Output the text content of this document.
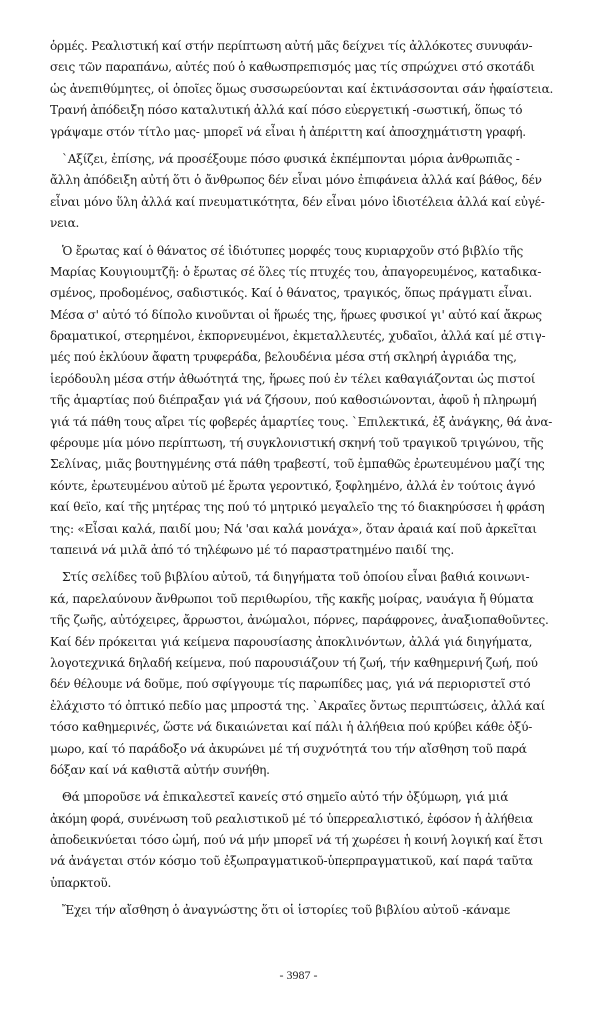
ὁρμές. Ρεαλιστική καί στήν περίπτωση αὐτή μᾶς δείχνει τίς ἀλλόκοτες συνυφάν-
σεις τῶν παραπάνω, αὐτές πού ὁ καθωσπρεπισμός μας τίς σπρώχνει στό σκοτάδι
ὡς ἀνεπιθύμητες, οἱ ὁποῖες ὅμως συσσωρεύονται καί ἐκτινάσσονται σάν ἡφαίστεια.
Τρανή ἀπόδειξη πόσο καταλυτική ἀλλά καί πόσο εὐεργετική -σωστική, ὅπως τό
γράψαμε στόν τίτλο μας- μπορεῖ νά εἶναι ἡ ἀπέριττη καί ἀποσχημάτιστη γραφή.
`Αξίζει, ἐπίσης, νά προσέξουμε πόσο φυσικά ἐκπέμπονται μόρια ἀνθρωπιᾶς -
ἄλλη ἀπόδειξη αὐτή ὅτι ὁ ἄνθρωπος δέν εἶναι μόνο ἐπιφάνεια ἀλλά καί βάθος, δέν
εἶναι μόνο ὕλη ἀλλά καί πνευματικότητα, δέν εἶναι μόνο ἰδιοτέλεια ἀλλά καί εὐγέ-
νεια.
Ὁ ἔρωτας καί ὁ θάνατος σέ ἰδιότυπες μορφές τους κυριαρχοῦν στό βιβλίο τῆς
Μαρίας Κουγιουμτζῆ: ὁ ἔρωτας σέ ὅλες τίς πτυχές του, ἀπαγορευμένος, καταδικα-
σμένος, προδομένος, σαδιστικός. Καί ὁ θάνατος, τραγικός, ὅπως πράγματι εἶναι.
Μέσα σ' αὐτό τό δίπολο κινοῦνται οἱ ἥρωές της, ἥρωες φυσικοί γι' αὐτό καί ἄκρως
δραματικοί, στερημένοι, ἐκπορνευμένοι, ἐκμεταλλευτές, χυδαῖοι, ἀλλά καί μέ στιγ-
μές πού ἐκλύουν ἄφατη τρυφεράδα, βελουδένια μέσα στή σκληρή ἀγριάδα της,
ἱερόδουλη μέσα στήν ἀθωότητά της, ἥρωες πού ἐν τέλει καθαγιάζονται ὡς πιστοί
τῆς ἁμαρτίας πού διέπραξαν γιά νά ζήσουν, πού καθοσιώνονται, ἀφοῦ ἡ πληρωμή
γιά τά πάθη τους αἴρει τίς φοβερές ἁμαρτίες τους. `Επιλεκτικά, ἐξ ἀνάγκης, θά ἀνα-
φέρουμε μία μόνο περίπτωση, τή συγκλονιστική σκηνή τοῦ τραγικοῦ τριγώνου, τῆς
Σελίνας, μιᾶς βουτηγμένης στά πάθη τραβεστί, τοῦ ἐμπαθῶς ἐρωτευμένου μαζί της
κόντε, ἐρωτευμένου αὐτοῦ μέ ἔρωτα γεροντικό, ξοφλημένο, ἀλλά ἐν τούτοις ἁγνό
καί θεϊο, καί τῆς μητέρας της πού τό μητρικό μεγαλεῖο της τό διακηρύσσει ἡ φράση
της: «Εἶσαι καλά, παιδί μου; Νά 'σαι καλά μονάχα», ὅταν ἀραιά καί ποῦ ἀρκεῖται
ταπεινά νά μιλᾶ ἀπό τό τηλέφωνο μέ τό παραστρατημένο παιδί της.
Στίς σελίδες τοῦ βιβλίου αὐτοῦ, τά διηγήματα τοῦ ὁποίου εἶναι βαθιά κοινωνι-
κά, παρελαύνουν ἄνθρωποι τοῦ περιθωρίου, τῆς κακῆς μοίρας, ναυάγια ἤ θύματα
τῆς ζωῆς, αὐτόχειρες, ἄρρωστοι, ἀνώμαλοι, πόρνες, παράφρονες, ἀναξιοπαθοῦντες.
Καί δέν πρόκειται γιά κείμενα παρουσίασης ἀποκλινόντων, ἀλλά γιά διηγήματα,
λογοτεχνικά δηλαδή κείμενα, πού παρουσιάζουν τή ζωή, τήν καθημερινή ζωή, πού
δέν θέλουμε νά δοῦμε, πού σφίγγουμε τίς παρωπίδες μας, γιά νά περιοριστεῖ στό
ἐλάχιστο τό ὀπτικό πεδίο μας μπροστά της. `Ακραῖες ὄντως περιπτώσεις, ἀλλά καί
τόσο καθημερινές, ὥστε νά δικαιώνεται καί πάλι ἡ ἀλήθεια πού κρύβει κάθε ὀξύ-
μωρο, καί τό παράδοξο νά ἀκυρώνει μέ τή συχνότητά του τήν αἴσθηση τοῦ παρά
δόξαν καί νά καθιστᾶ αὐτήν συνήθη.
Θά μποροῦσε νά ἐπικαλεστεῖ κανείς στό σημεῖο αὐτό τήν ὀξύμωρη, γιά μιά
ἀκόμη φορά, συνένωση τοῦ ρεαλιστικοῦ μέ τό ὑπερρεαλιστικό, ἐφόσον ἡ ἀλήθεια
ἀποδεικνύεται τόσο ὠμή, πού νά μήν μπορεῖ νά τή χωρέσει ἡ κοινή λογική καί ἔτσι
νά ἀνάγεται στόν κόσμο τοῦ ἐξωπραγματικοῦ-ὑπερπραγματικοῦ, καί παρά ταῦτα
ὑπαρκτοῦ.
Ἔχει τήν αἴσθηση ὁ ἀναγνώστης ὅτι οἱ ἱστορίες τοῦ βιβλίου αὐτοῦ -κάναμε
- 3987 -
